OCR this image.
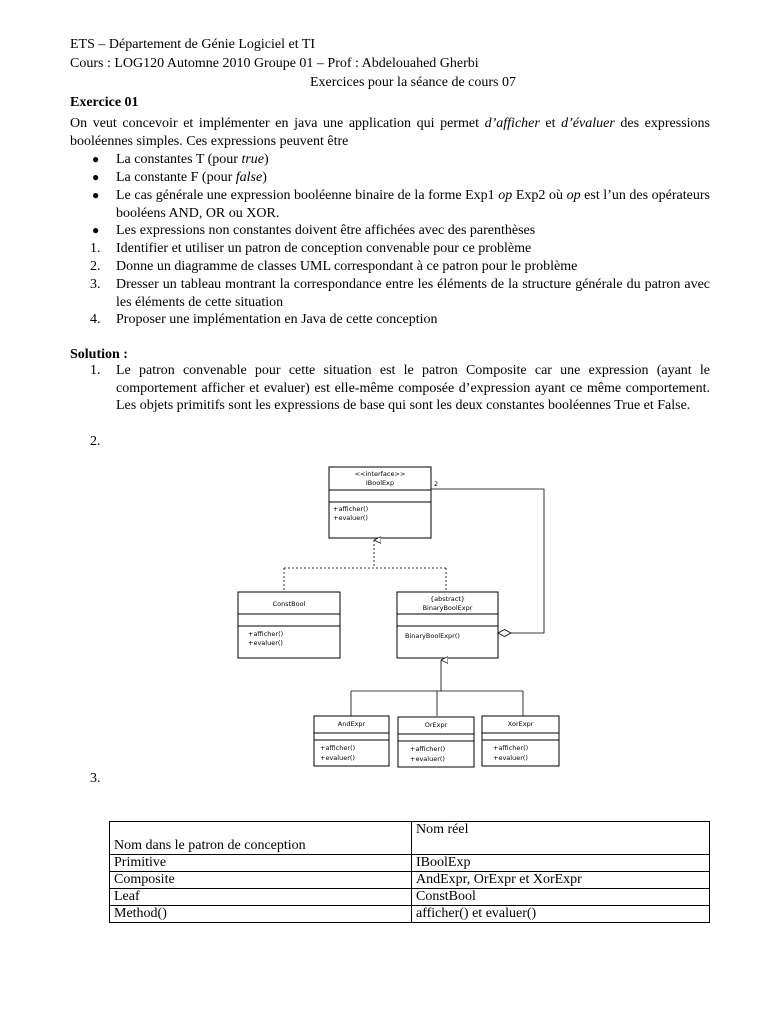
ETS – Département de Génie Logiciel et TI
Cours : LOG120 Automne 2010 Groupe 01 – Prof : Abdelouahed Gherbi
Exercices pour la séance de cours 07
Exercice 01
On veut concevoir et implémenter en java une application qui permet d’afficher et d’évaluer des expressions booléennes simples. Ces expressions peuvent être
● La constantes T (pour true)
● La constante F (pour false)
● Le cas générale une expression booléenne binaire de la forme Exp1 op Exp2 où op est l’un des opérateurs booléens AND, OR ou XOR.
● Les expressions non constantes doivent être affichées avec des parenthèses
1. Identifier et utiliser un patron de conception convenable pour ce problème
2. Donne un diagramme de classes UML correspondant à ce patron pour le problème
3. Dresser un tableau montrant la correspondance entre les éléments de la structure générale du patron avec les éléments de cette situation
4. Proposer une implémentation en Java de cette conception
Solution :
1. Le patron convenable pour cette situation est le patron Composite car une expression (ayant le comportement afficher et evaluer) est elle-même composée d’expression ayant ce même comportement. Les objets primitifs sont les expressions de base qui sont les deux constantes booléennes True et False.
2.
<<interface>>
IBoolExp
+afficher()
+evaluer()
2
ConstBool
+afficher()
+evaluer()
{abstract}
BinaryBoolExpr
BinaryBoolExpr()
AndExpr
+afficher()
+evaluer()
OrExpr
+afficher()
+evaluer()
XorExpr
+afficher()
+evaluer()
3.
Nom dans le patron de conception	Nom réel
Primitive	IBoolExp
Composite	AndExpr, OrExpr et XorExpr
Leaf	ConstBool
Method()	afficher() et evaluer()
